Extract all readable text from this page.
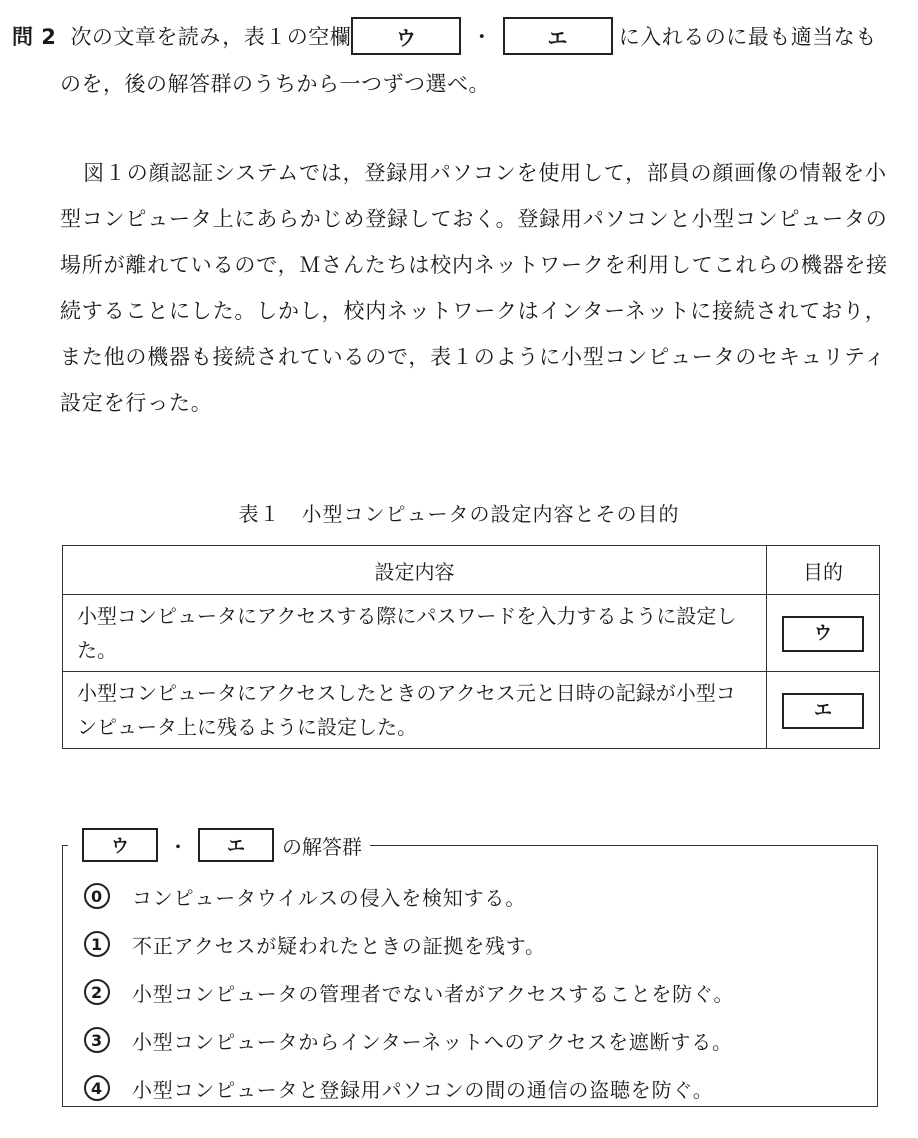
問 2 次の文章を読み，表１の空欄	ウ	・	エ	に入れるのに最も適当なも
のを，後の解答群のうちから一つずつ選べ。

図１の顔認証システムでは，登録用パソコンを使用して，部員の顔画像の情報を小型コンピュータ上にあらかじめ登録しておく。登録用パソコンと小型コンピュータの場所が離れているので，Ｍさんたちは校内ネットワークを利用してこれらの機器を接続することにした。しかし，校内ネットワークはインターネットに接続されており，また他の機器も接続されているので，表１のように小型コンピュータのセキュリティ設定を行った。

表１　小型コンピュータの設定内容とその目的
設定内容	目的
小型コンピュータにアクセスする際にパスワードを入力するように設定した。	ウ
小型コンピュータにアクセスしたときのアクセス元と日時の記録が小型コンピュータ上に残るように設定した。	エ
ウ	・	エ	の解答群
0	コンピュータウイルスの侵入を検知する。
1	不正アクセスが疑われたときの証拠を残す。
2	小型コンピュータの管理者でない者がアクセスすることを防ぐ。
3	小型コンピュータからインターネットへのアクセスを遮断する。
4	小型コンピュータと登録用パソコンの間の通信の盗聴を防ぐ。
